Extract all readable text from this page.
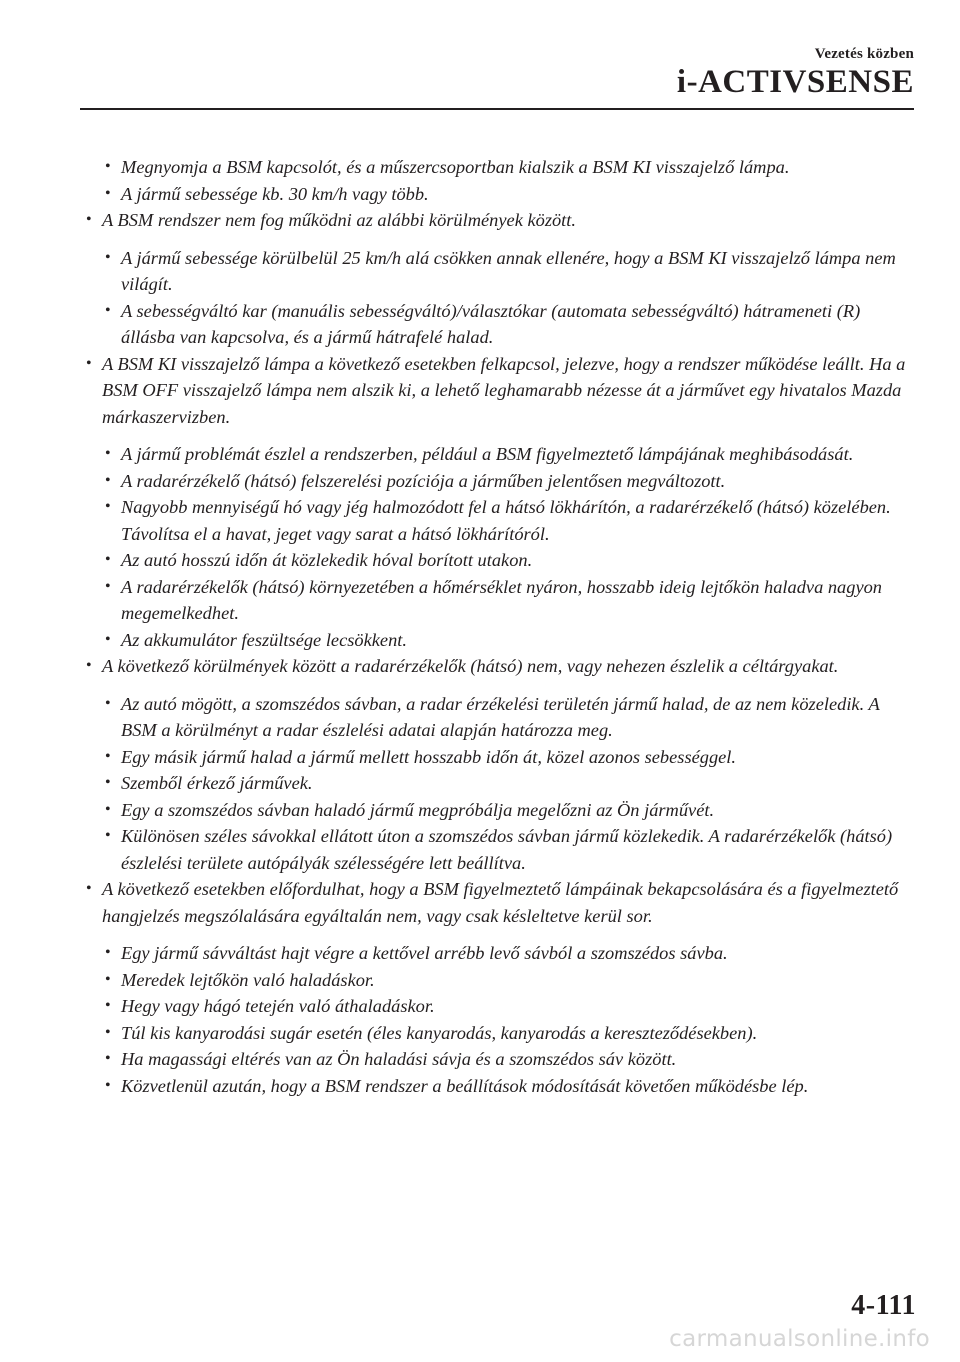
Vezetés közben
i-ACTIVSENSE
• Megnyomja a BSM kapcsolót, és a műszercsoportban kialszik a BSM KI visszajelző lámpa.
• A jármű sebessége kb. 30 km/h vagy több.
• A BSM rendszer nem fog működni az alábbi körülmények között.
• A jármű sebessége körülbelül 25 km/h alá csökken annak ellenére, hogy a BSM KI visszajelző lámpa nem világít.
• A sebességváltó kar (manuális sebességváltó)/választókar (automata sebességváltó) hátrameneti (R) állásba van kapcsolva, és a jármű hátrafelé halad.
• A BSM KI visszajelző lámpa a következő esetekben felkapcsol, jelezve, hogy a rendszer működése leállt. Ha a BSM OFF visszajelző lámpa nem alszik ki, a lehető leghamarabb nézesse át a járművet egy hivatalos Mazda márkaszervizben.
• A jármű problémát észlel a rendszerben, például a BSM figyelmeztető lámpájának meghibásodását.
• A radarérzékelő (hátsó) felszerelési pozíciója a járműben jelentősen megváltozott.
• Nagyobb mennyiségű hó vagy jég halmozódott fel a hátsó lökhárítón, a radarérzékelő (hátsó) közelében. Távolítsa el a havat, jeget vagy sarat a hátsó lökhárítóról.
• Az autó hosszú időn át közlekedik hóval borított utakon.
• A radarérzékelők (hátsó) környezetében a hőmérséklet nyáron, hosszabb ideig lejtőkön haladva nagyon megemelkedhet.
• Az akkumulátor feszültsége lecsökkent.
• A következő körülmények között a radarérzékelők (hátsó) nem, vagy nehezen észlelik a céltárgyakat.
• Az autó mögött, a szomszédos sávban, a radar érzékelési területén jármű halad, de az nem közeledik. A BSM a körülményt a radar észlelési adatai alapján határozza meg.
• Egy másik jármű halad a jármű mellett hosszabb időn át, közel azonos sebességgel.
• Szemből érkező járművek.
• Egy a szomszédos sávban haladó jármű megpróbálja megelőzni az Ön járművét.
• Különösen széles sávokkal ellátott úton a szomszédos sávban jármű közlekedik. A radarérzékelők (hátsó) észlelési területe autópályák szélességére lett beállítva.
• A következő esetekben előfordulhat, hogy a BSM figyelmeztető lámpáinak bekapcsolására és a figyelmeztető hangjelzés megszólalására egyáltalán nem, vagy csak késleltetve kerül sor.
• Egy jármű sávváltást hajt végre a kettővel arrébb levő sávból a szomszédos sávba.
• Meredek lejtőkön való haladáskor.
• Hegy vagy hágó tetején való áthaladáskor.
• Túl kis kanyarodási sugár esetén (éles kanyarodás, kanyarodás a kereszteződésekben).
• Ha magassági eltérés van az Ön haladási sávja és a szomszédos sáv között.
• Közvetlenül azután, hogy a BSM rendszer a beállítások módosítását követően működésbe lép.
4-111
carmanualsonline.info
